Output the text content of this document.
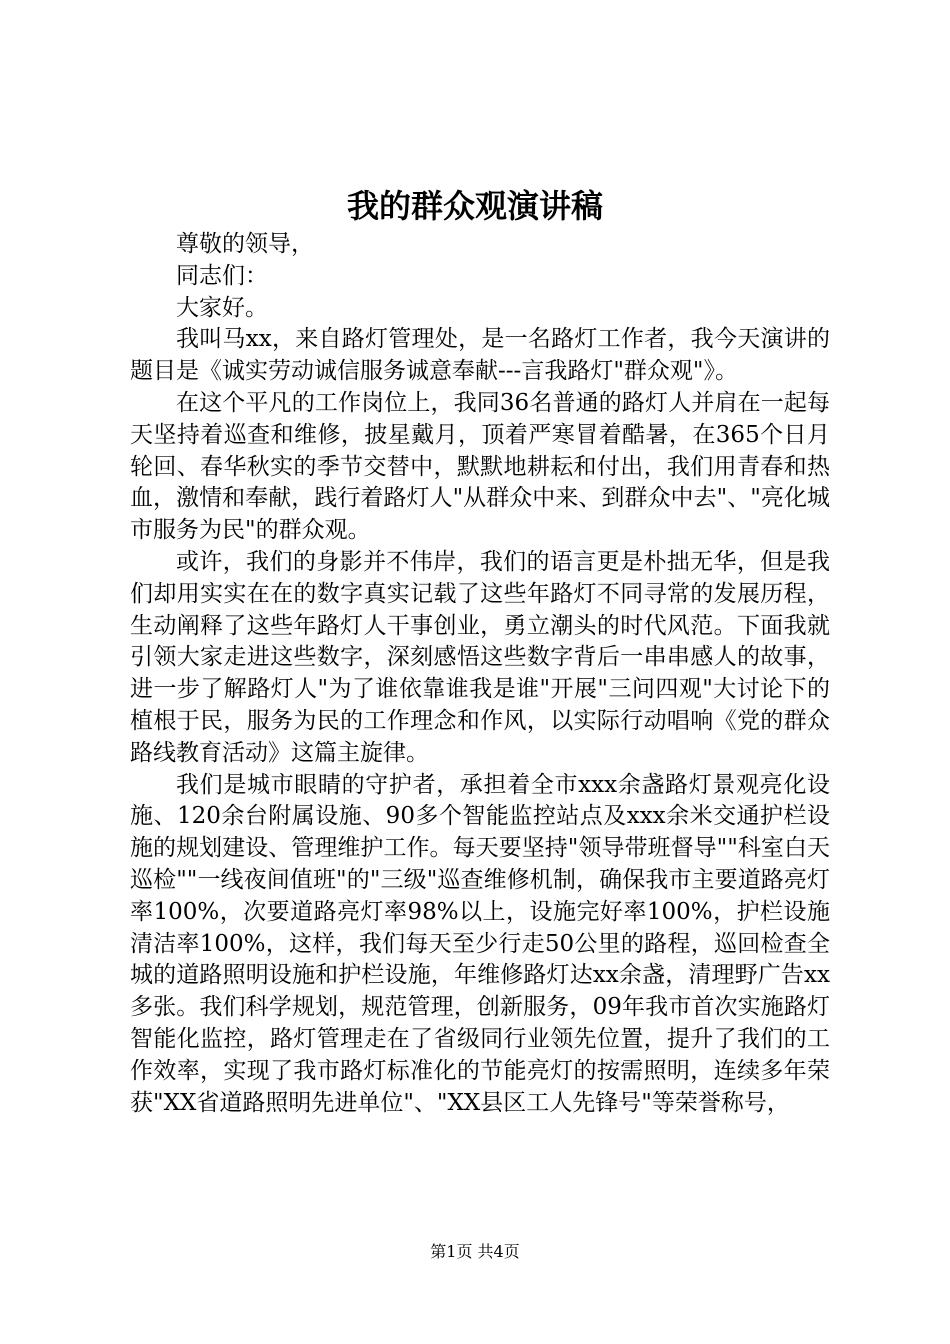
我的群众观演讲稿

尊敬的领导，

同志们：

大家好。

我叫马xx，来自路灯管理处，是一名路灯工作者，我今天演讲的题目是《诚实劳动诚信服务诚意奉献---言我路灯"群众观"》。

在这个平凡的工作岗位上，我同36名普通的路灯人并肩在一起每天坚持着巡查和维修，披星戴月，顶着严寒冒着酷暑，在365个日月轮回、春华秋实的季节交替中，默默地耕耘和付出，我们用青春和热血，激情和奉献，践行着路灯人"从群众中来、到群众中去"、"亮化城市服务为民"的群众观。

或许，我们的身影并不伟岸，我们的语言更是朴拙无华，但是我们却用实实在在的数字真实记载了这些年路灯不同寻常的发展历程，生动阐释了这些年路灯人干事创业，勇立潮头的时代风范。下面我就引领大家走进这些数字，深刻感悟这些数字背后一串串感人的故事，进一步了解路灯人"为了谁依靠谁我是谁"开展"三问四观"大讨论下的植根于民，服务为民的工作理念和作风，以实际行动唱响《党的群众路线教育活动》这篇主旋律。

我们是城市眼睛的守护者，承担着全市xxx余盏路灯景观亮化设施、120余台附属设施、90多个智能监控站点及xxx余米交通护栏设施的规划建设、管理维护工作。每天要坚持"领导带班督导""科室白天巡检""一线夜间值班"的"三级"巡查维修机制，确保我市主要道路亮灯率100%，次要道路亮灯率98%以上，设施完好率100%，护栏设施清洁率100%，这样，我们每天至少行走50公里的路程，巡回检查全城的道路照明设施和护栏设施，年维修路灯达xx余盏，清理野广告xx多张。我们科学规划，规范管理，创新服务，09年我市首次实施路灯智能化监控，路灯管理走在了省级同行业领先位置，提升了我们的工作效率，实现了我市路灯标准化的节能亮灯的按需照明，连续多年荣获"XX省道路照明先进单位"、"XX县区工人先锋号"等荣誉称号，

第1页 共4页
